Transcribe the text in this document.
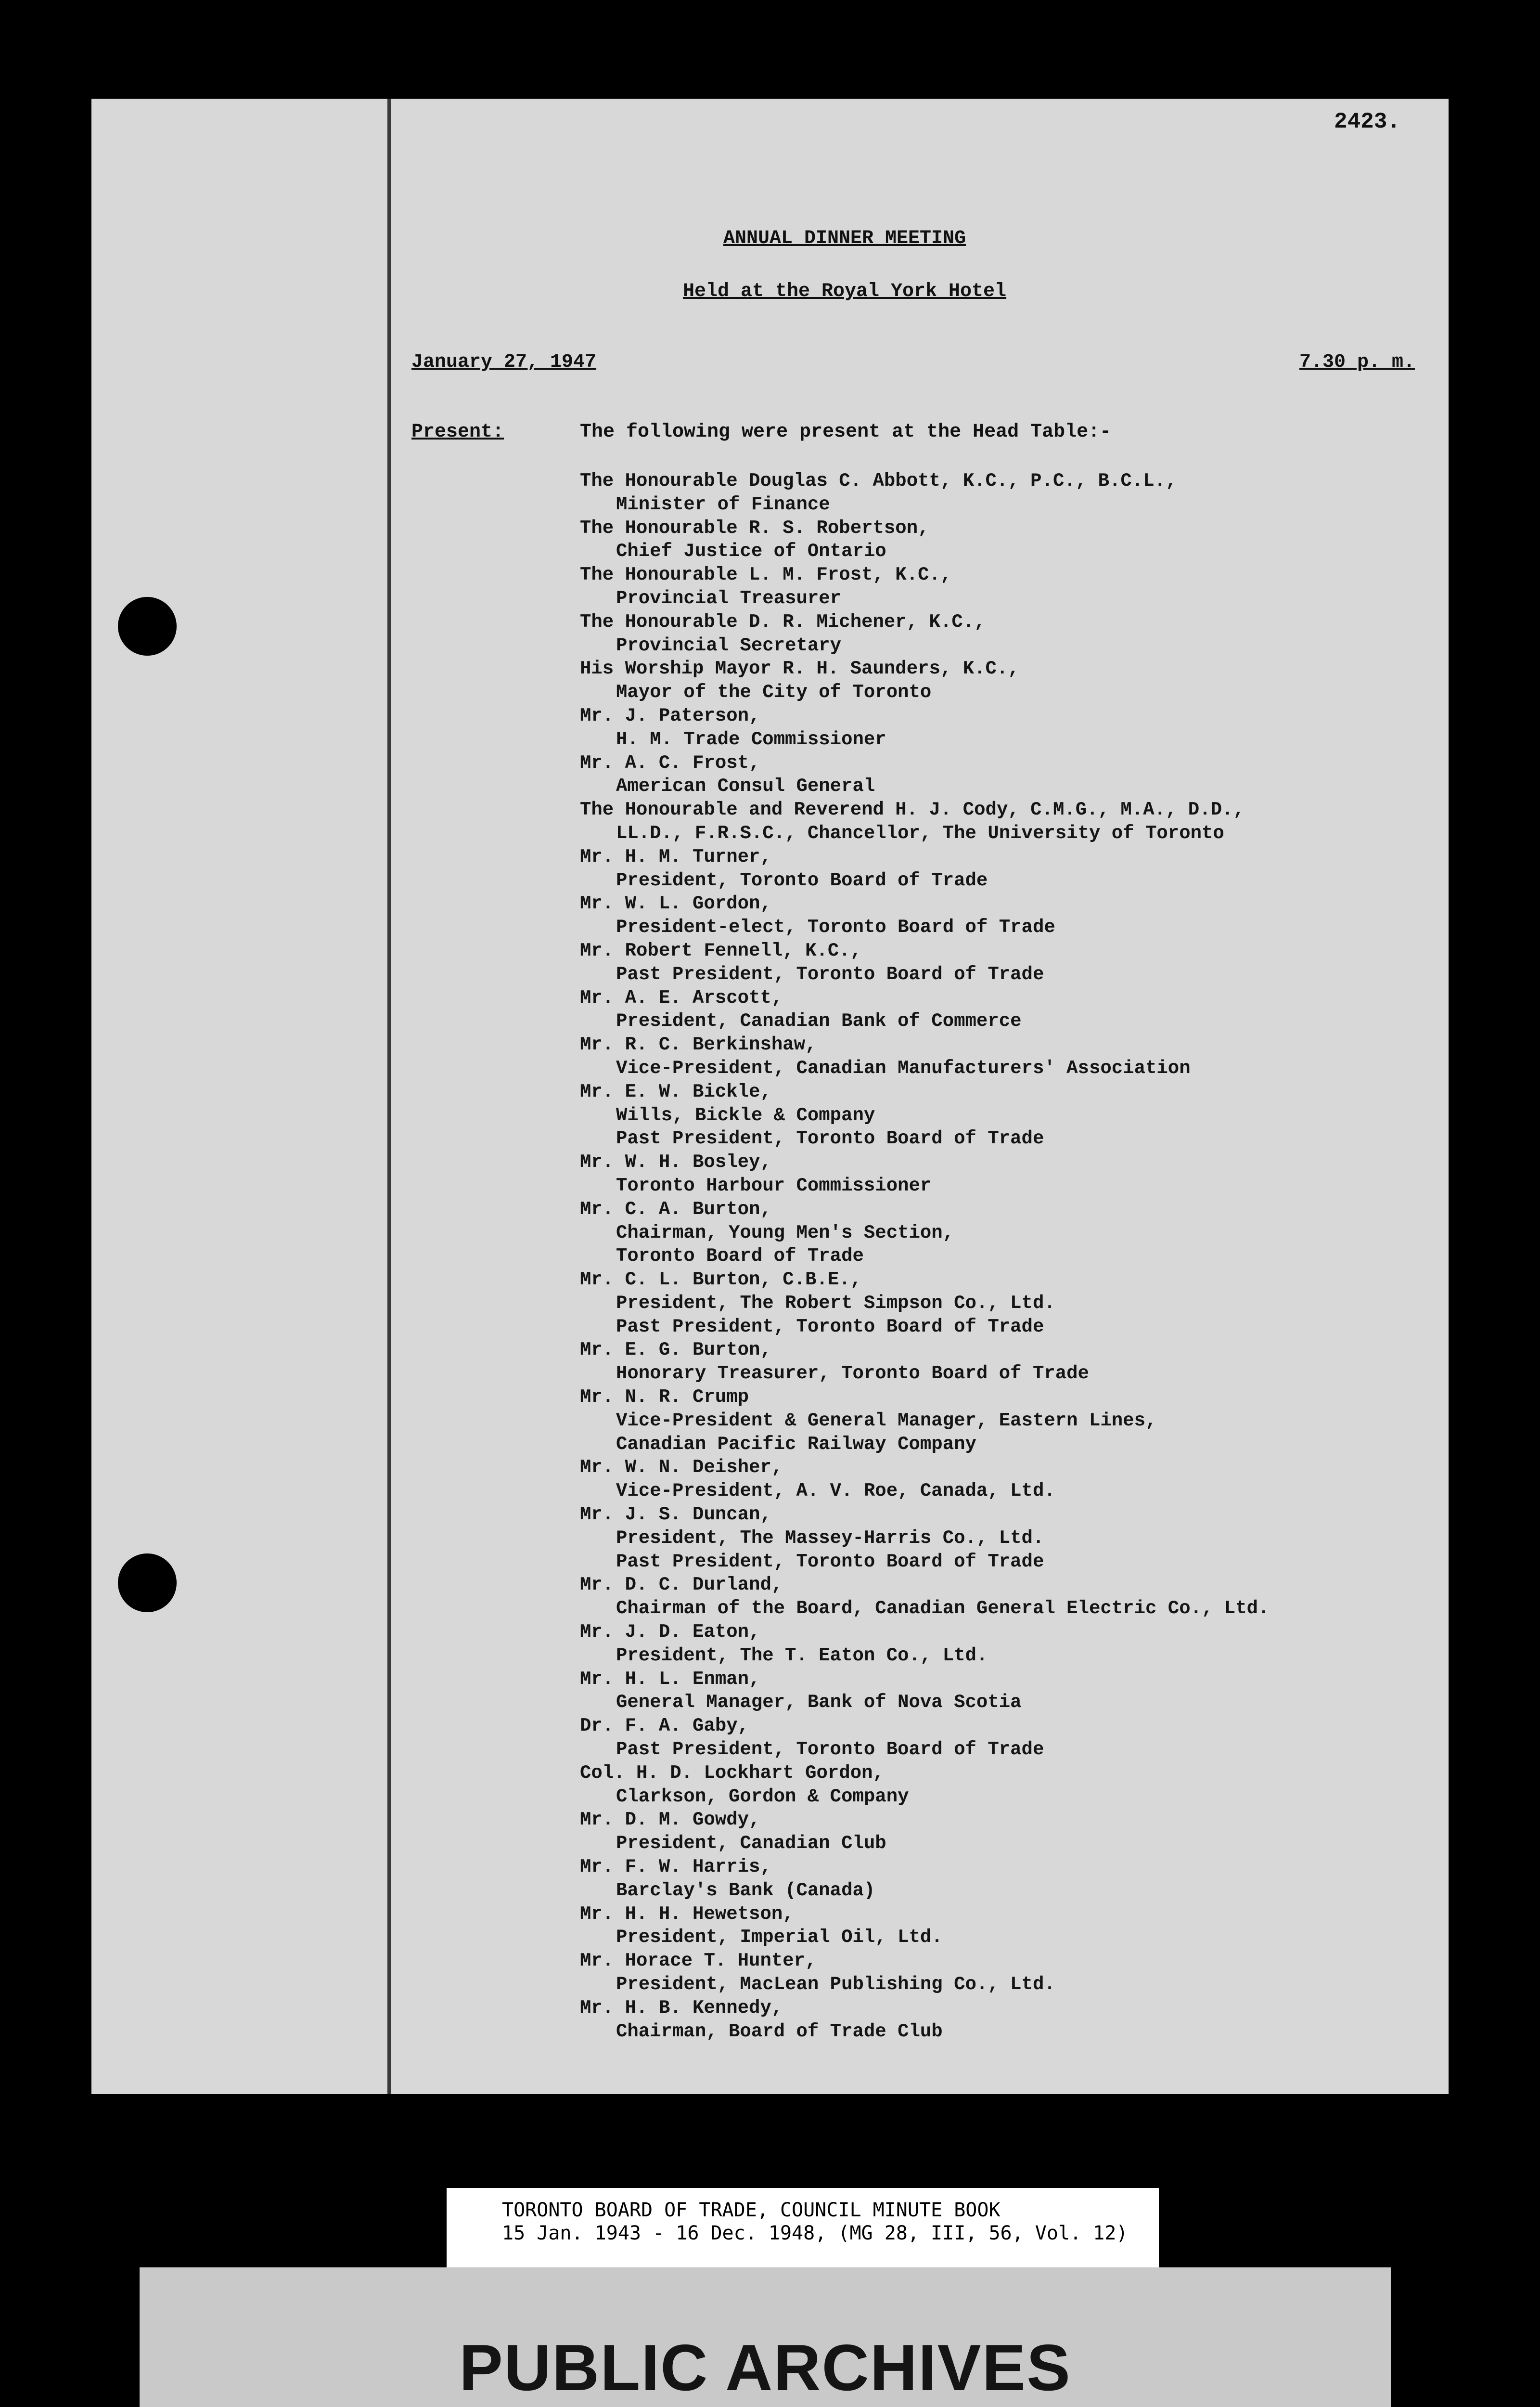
2423.
ANNUAL DINNER MEETING
Held at the Royal York Hotel
January 27, 1947	7.30 p. m.
Present:	The following were present at the Head Table:-
The Honourable Douglas C. Abbott, K.C., P.C., B.C.L.,
Minister of Finance
The Honourable R. S. Robertson,
Chief Justice of Ontario
The Honourable L. M. Frost, K.C.,
Provincial Treasurer
The Honourable D. R. Michener, K.C.,
Provincial Secretary
His Worship Mayor R. H. Saunders, K.C.,
Mayor of the City of Toronto
Mr. J. Paterson,
H. M. Trade Commissioner
Mr. A. C. Frost,
American Consul General
The Honourable and Reverend H. J. Cody, C.M.G., M.A., D.D.,
LL.D., F.R.S.C., Chancellor, The University of Toronto
Mr. H. M. Turner,
President, Toronto Board of Trade
Mr. W. L. Gordon,
President-elect, Toronto Board of Trade
Mr. Robert Fennell, K.C.,
Past President, Toronto Board of Trade
Mr. A. E. Arscott,
President, Canadian Bank of Commerce
Mr. R. C. Berkinshaw,
Vice-President, Canadian Manufacturers' Association
Mr. E. W. Bickle,
Wills, Bickle & Company
Past President, Toronto Board of Trade
Mr. W. H. Bosley,
Toronto Harbour Commissioner
Mr. C. A. Burton,
Chairman, Young Men's Section,
Toronto Board of Trade
Mr. C. L. Burton, C.B.E.,
President, The Robert Simpson Co., Ltd.
Past President, Toronto Board of Trade
Mr. E. G. Burton,
Honorary Treasurer, Toronto Board of Trade
Mr. N. R. Crump
Vice-President & General Manager, Eastern Lines,
Canadian Pacific Railway Company
Mr. W. N. Deisher,
Vice-President, A. V. Roe, Canada, Ltd.
Mr. J. S. Duncan,
President, The Massey-Harris Co., Ltd.
Past President, Toronto Board of Trade
Mr. D. C. Durland,
Chairman of the Board, Canadian General Electric Co., Ltd.
Mr. J. D. Eaton,
President, The T. Eaton Co., Ltd.
Mr. H. L. Enman,
General Manager, Bank of Nova Scotia
Dr. F. A. Gaby,
Past President, Toronto Board of Trade
Col. H. D. Lockhart Gordon,
Clarkson, Gordon & Company
Mr. D. M. Gowdy,
President, Canadian Club
Mr. F. W. Harris,
Barclay's Bank (Canada)
Mr. H. H. Hewetson,
President, Imperial Oil, Ltd.
Mr. Horace T. Hunter,
President, MacLean Publishing Co., Ltd.
Mr. H. B. Kennedy,
Chairman, Board of Trade Club
TORONTO BOARD OF TRADE, COUNCIL MINUTE BOOK
15 Jan. 1943 - 16 Dec. 1948, (MG 28, III, 56, Vol. 12)
PUBLIC ARCHIVES
